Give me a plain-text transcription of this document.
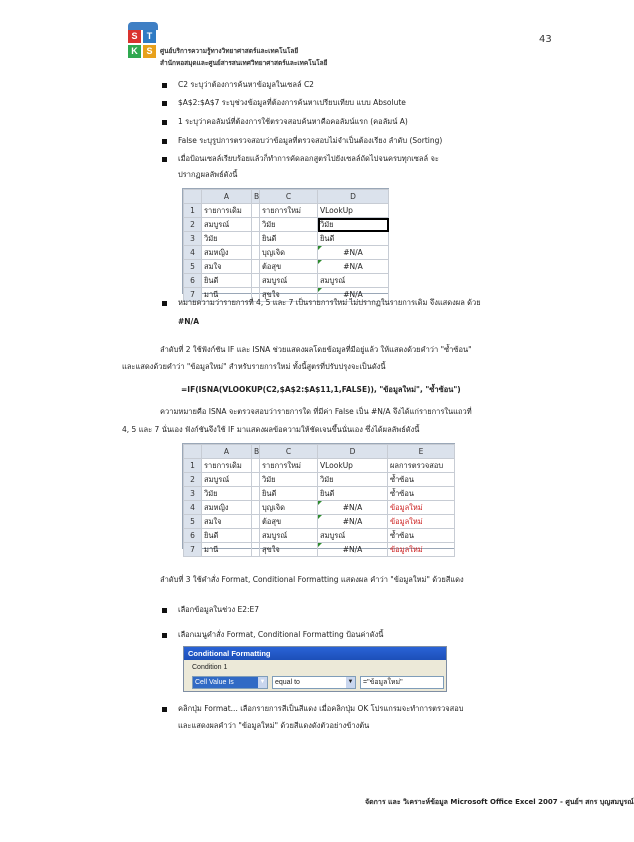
43
S	T
K S	ศูนย์บริการความรู้ทางวิทยาศาสตร์และเทคโนโลยี
สำนักหอสมุดและศูนย์สารสนเทศวิทยาศาสตร์และเทคโนโลยี
C2 ระบุว่าต้องการค้นหาข้อมูลในเซลล์ C2
$A$2:$A$7 ระบุช่วงข้อมูลที่ต้องการค้นหาเปรียบเทียบ แบบ Absolute
1 ระบุว่าคอลัมน์ที่ต้องการใช้ตรวจสอบค้นหาคือคอลัมน์แรก (คอลัมน์ A)
False ระบุรูปการตรวจสอบว่าข้อมูลที่ตรวจสอบไม่จำเป็นต้องเรียง ลำดับ (Sorting)
เมื่อป้อนเซลล์เรียบร้อยแล้วก็ทำการคัดลอกสูตรไปยังเซลล์ถัดไปจนครบทุกเซลล์ จะ
ปรากฏผลลัพธ์ดังนี้
	A	B	C	D
1	รายการเดิม		รายการใหม่	VLookUp
2	สมบูรณ์		วิมัย	วิมัย
3	วิมัย		ยินดี	ยินดี
4	สมหญิง		บุญเจิด	#N/A
5	สมใจ		ต้อสุข	#N/A
6	ยินดี		สมบูรณ์	สมบูรณ์
7	มานี		สุขใจ	#N/A
หมายความว่ารายการที่ 4, 5 และ 7 เป็นรายการใหม่ ไม่ปรากฏในรายการเดิม จึงแสดงผล ด้วย
#N/A
ลำดับที่ 2 ใช้ฟังก์ชัน IF และ ISNA ช่วยแสดงผลโดยข้อมูลที่มีอยู่แล้ว ให้แสดงด้วยคำว่า "ซ้ำซ้อน"
และแสดงด้วยคำว่า "ข้อมูลใหม่" สำหรับรายการใหม่ ทั้งนี้สูตรที่ปรับปรุงจะเป็นดังนี้
=IF(ISNA(VLOOKUP(C2,$A$2:$A$11,1,FALSE)), "ข้อมูลใหม่", "ซ้ำซ้อน")
ความหมายคือ ISNA จะตรวจสอบว่ารายการใด ที่มีค่า False เป็น #N/A จึงได้แก่รายการในแถวที่
4, 5 และ 7 นั่นเอง ฟังก์ชันจึงใช้ IF มาแสดงผลข้อความให้ชัดเจนขึ้นนั่นเอง ซึ่งได้ผลลัพธ์ดังนี้
	A	B	C	D	E
1	รายการเดิม		รายการใหม่	VLookUp	ผลการตรวจสอบ
2	สมบูรณ์		วิมัย	วิมัย	ซ้ำซ้อน
3	วิมัย		ยินดี	ยินดี	ซ้ำซ้อน
4	สมหญิง		บุญเจิด	#N/A	ข้อมูลใหม่
5	สมใจ		ต้อสุข	#N/A	ข้อมูลใหม่
6	ยินดี		สมบูรณ์	สมบูรณ์	ซ้ำซ้อน
7	มานี		สุขใจ	#N/A	ข้อมูลใหม่
ลำดับที่ 3 ใช้คำสั่ง Format, Conditional Formatting แสดงผล คำว่า "ข้อมูลใหม่" ด้วยสีแดง
เลือกข้อมูลในช่วง E2:E7
เลือกเมนูคำสั่ง Format, Conditional Formatting ป้อนค่าดังนี้
Conditional Formatting
Condition 1
Cell Value Is	▼	equal to	▼	="ข้อมูลใหม่"
คลิกปุ่ม Format... เลือกรายการสีเป็นสีแดง เมื่อคลิกปุ่ม OK โปรแกรมจะทำการตรวจสอบ
และแสดงผลคำว่า "ข้อมูลใหม่" ด้วยสีแดงดังตัวอย่างข้างต้น
จัดการ และ วิเคราะห์ข้อมูล Microsoft Office Excel 2007 - ศูนย์ฯ สกร บุญสมบูรณ์
